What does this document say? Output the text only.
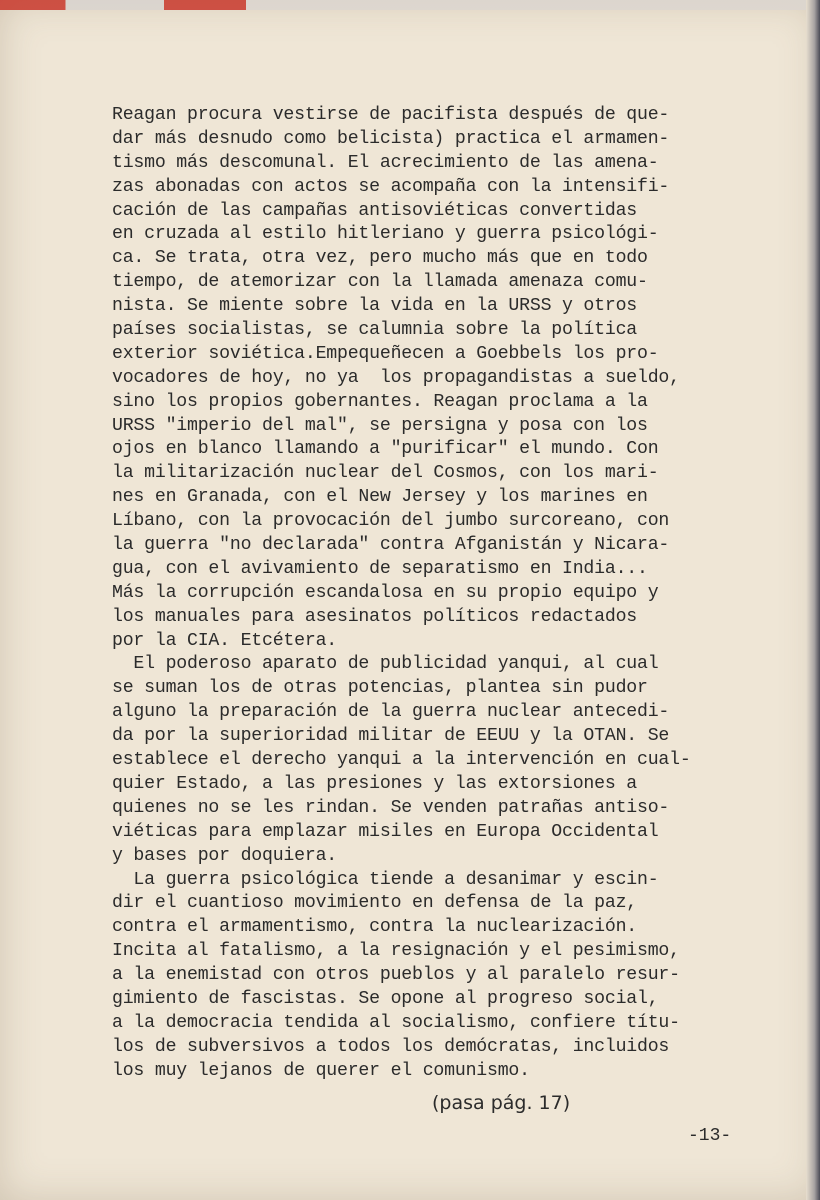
Reagan procura vestirse de pacifista después de que-
dar más desnudo como belicista) practica el armamen-
tismo más descomunal. El acrecimiento de las amena-
zas abonadas con actos se acompaña con la intensifi-
cación de las campañas antisoviéticas convertidas
en cruzada al estilo hitleriano y guerra psicológi-
ca. Se trata, otra vez, pero mucho más que en todo
tiempo, de atemorizar con la llamada amenaza comu-
nista. Se miente sobre la vida en la URSS y otros
países socialistas, se calumnia sobre la política
exterior soviética.Empequeñecen a Goebbels los pro-
vocadores de hoy, no ya  los propagandistas a sueldo,
sino los propios gobernantes. Reagan proclama a la
URSS "imperio del mal", se persigna y posa con los
ojos en blanco llamando a "purificar" el mundo. Con
la militarización nuclear del Cosmos, con los mari-
nes en Granada, con el New Jersey y los marines en
Líbano, con la provocación del jumbo surcoreano, con
la guerra "no declarada" contra Afganistán y Nicara-
gua, con el avivamiento de separatismo en India...
Más la corrupción escandalosa en su propio equipo y
los manuales para asesinatos políticos redactados
por la CIA. Etcétera.
El poderoso aparato de publicidad yanqui, al cual
se suman los de otras potencias, plantea sin pudor
alguno la preparación de la guerra nuclear antecedi-
da por la superioridad militar de EEUU y la OTAN. Se
establece el derecho yanqui a la intervención en cual-
quier Estado, a las presiones y las extorsiones a
quienes no se les rindan. Se venden patrañas antiso-
viéticas para emplazar misiles en Europa Occidental
y bases por doquiera.
La guerra psicológica tiende a desanimar y escin-
dir el cuantioso movimiento en defensa de la paz,
contra el armamentismo, contra la nuclearización.
Incita al fatalismo, a la resignación y el pesimismo,
a la enemistad con otros pueblos y al paralelo resur-
gimiento de fascistas. Se opone al progreso social,
a la democracia tendida al socialismo, confiere títu-
los de subversivos a todos los demócratas, incluidos
los muy lejanos de querer el comunismo.
(pasa pág. 17)
-13-
